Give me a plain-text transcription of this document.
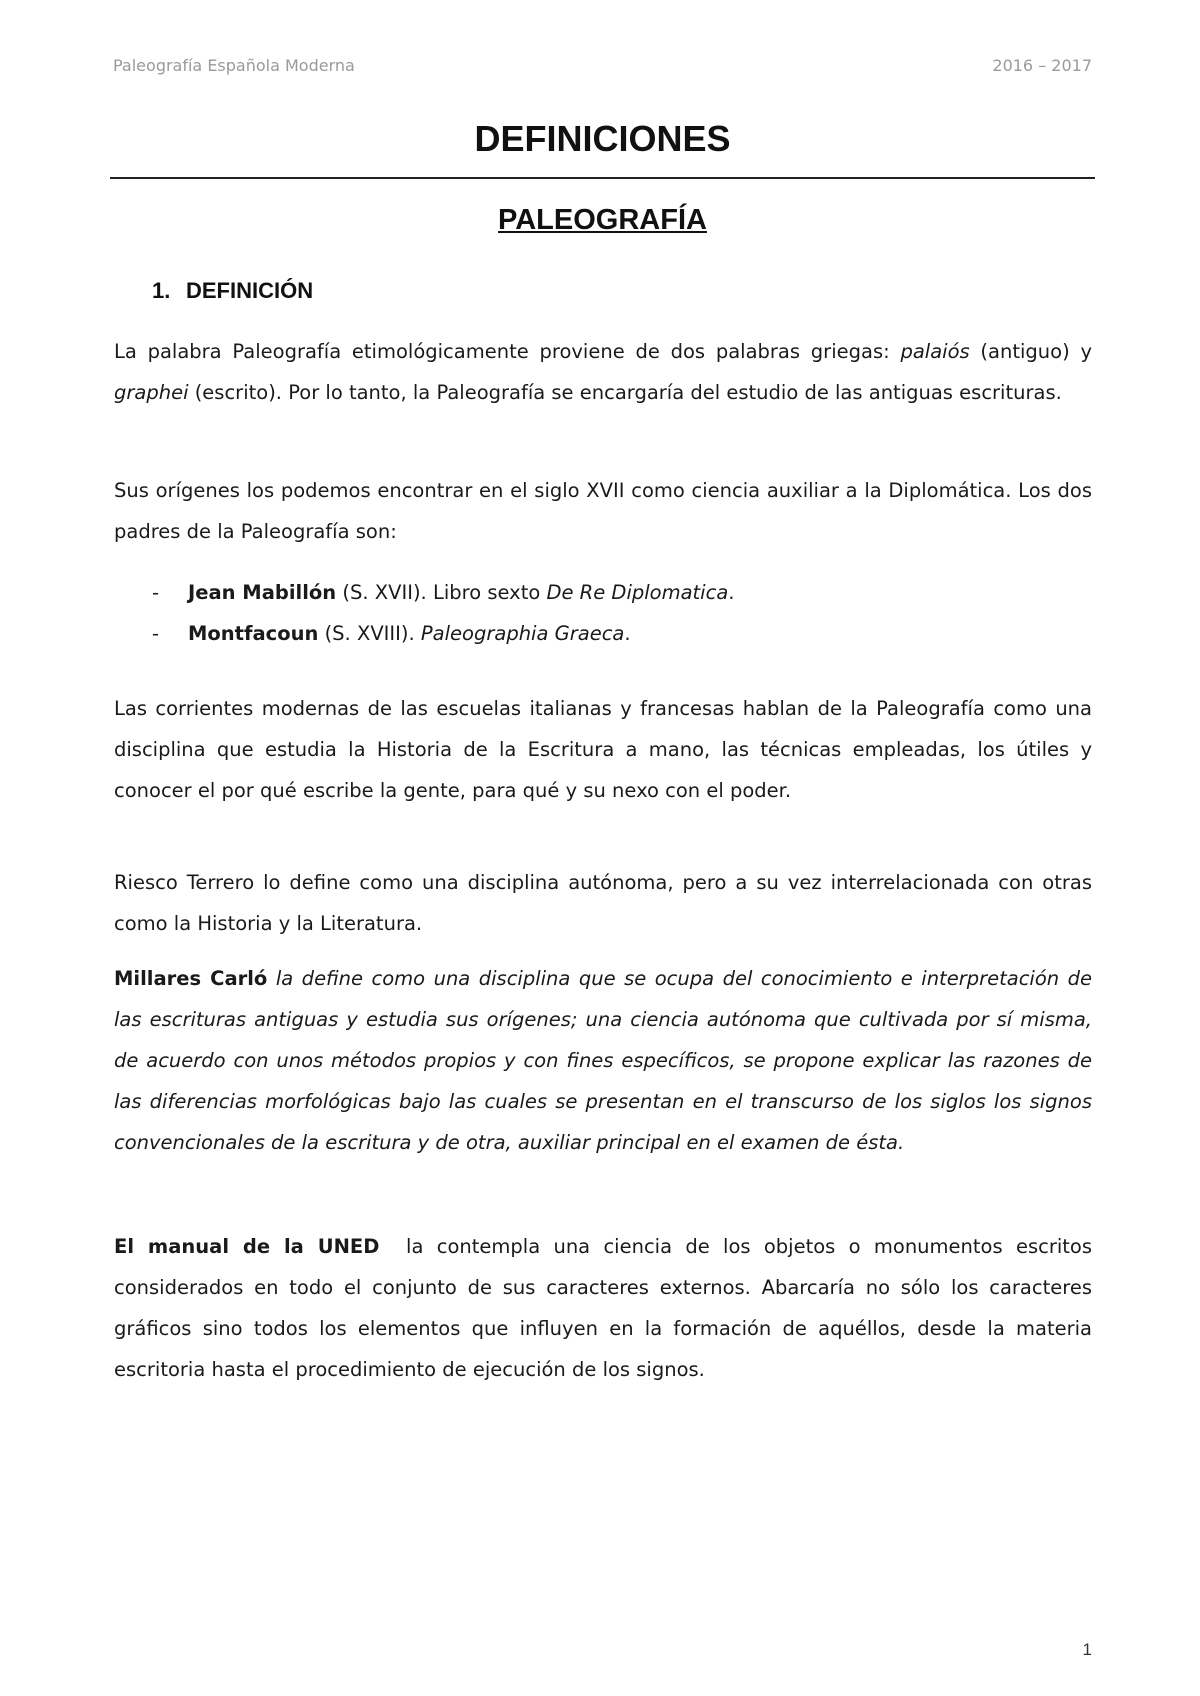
Paleografía Española Moderna	2016 – 2017
DEFINICIONES
PALEOGRAFÍA
1. DEFINICIÓN

La palabra Paleografía etimológicamente proviene de dos palabras griegas: palaiós (antiguo) y graphei (escrito). Por lo tanto, la Paleografía se encargaría del estudio de las antiguas escrituras.

Sus orígenes los podemos encontrar en el siglo XVII como ciencia auxiliar a la Diplomática. Los dos padres de la Paleografía son:

- Jean Mabillón (S. XVII). Libro sexto De Re Diplomatica.
- Montfacoun (S. XVIII). Paleographia Graeca.

Las corrientes modernas de las escuelas italianas y francesas hablan de la Paleografía como una disciplina que estudia la Historia de la Escritura a mano, las técnicas empleadas, los útiles y conocer el por qué escribe la gente, para qué y su nexo con el poder.

Riesco Terrero lo define como una disciplina autónoma, pero a su vez interrelacionada con otras como la Historia y la Literatura.

Millares Carló la define como una disciplina que se ocupa del conocimiento e interpretación de las escrituras antiguas y estudia sus orígenes; una ciencia autónoma que cultivada por sí misma, de acuerdo con unos métodos propios y con fines específicos, se propone explicar las razones de las diferencias morfológicas bajo las cuales se presentan en el transcurso de los siglos los signos convencionales de la escritura y de otra, auxiliar principal en el examen de ésta.

El manual de la UNED  la contempla una ciencia de los objetos o monumentos escritos considerados en todo el conjunto de sus caracteres externos. Abarcaría no sólo los caracteres gráficos sino todos los elementos que influyen en la formación de aquéllos, desde la materia escritoria hasta el procedimiento de ejecución de los signos.

1
